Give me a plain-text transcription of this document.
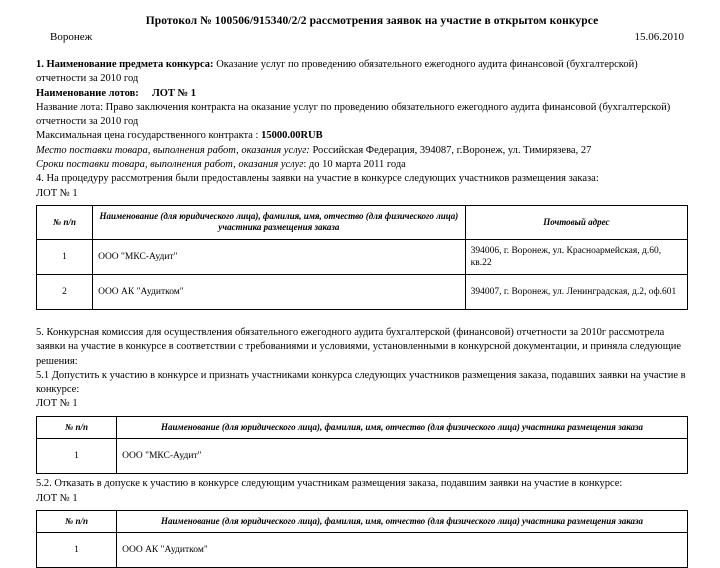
Протокол № 100506/915340/2/2 рассмотрения заявок на участие в открытом конкурсе
Воронеж	15.06.2010

1. Наименование предмета конкурса: Оказание услуг по проведению обязательного ежегодного аудита финансовой (бухгалтерской) отчетности за 2010 год

Наименование лотов: ЛОТ № 1

Название лота: Право заключения контракта на оказание услуг по проведению обязательного ежегодного аудита финансовой (бухгалтерской) отчетности за 2010 год

Максимальная цена государственного контракта : 15000.00RUB

Место поставки товара, выполнения работ, оказания услуг: Российская Федерация, 394087, г.Воронеж, ул. Тимирязева, 27

Сроки поставки товара, выполнения работ, оказания услуг: до 10 марта 2011 года

4. На процедуру рассмотрения были предоставлены заявки на участие в конкурсе следующих участников размещения заказа:

ЛОТ № 1

№ п/п	Наименование (для юридического лица), фамилия, имя, отчество (для физического лица) участника размещения заказа	Почтовый адрес
1	ООО "МКС-Аудит"	394006, г. Воронеж, ул. Красноармейская, д.60, кв.22
2	ООО АК "Аудитком"	394007, г. Воронеж, ул. Ленинградская, д.2, оф.601

5. Конкурсная комиссия для осуществления обязательного ежегодного аудита бухгалтерской (финансовой) отчетности за 2010г рассмотрела заявки на участие в конкурсе в соответствии с требованиями и условиями, установленными в конкурсной документации, и приняла следующие решения:

5.1 Допустить к участию в конкурсе и признать участниками конкурса следующих участников размещения заказа, подавших заявки на участие в конкурсе:

ЛОТ № 1

№ п/п	Наименование (для юридического лица), фамилия, имя, отчество (для физического лица) участника размещения заказа
1	ООО "МКС-Аудит"

5.2. Отказать в допуске к участию в конкурсе следующим участникам размещения заказа, подавшим заявки на участие в конкурсе:

ЛОТ № 1

№ п/п	Наименование (для юридического лица), фамилия, имя, отчество (для физического лица) участника размещения заказа
1	ООО АК "Аудитком"
